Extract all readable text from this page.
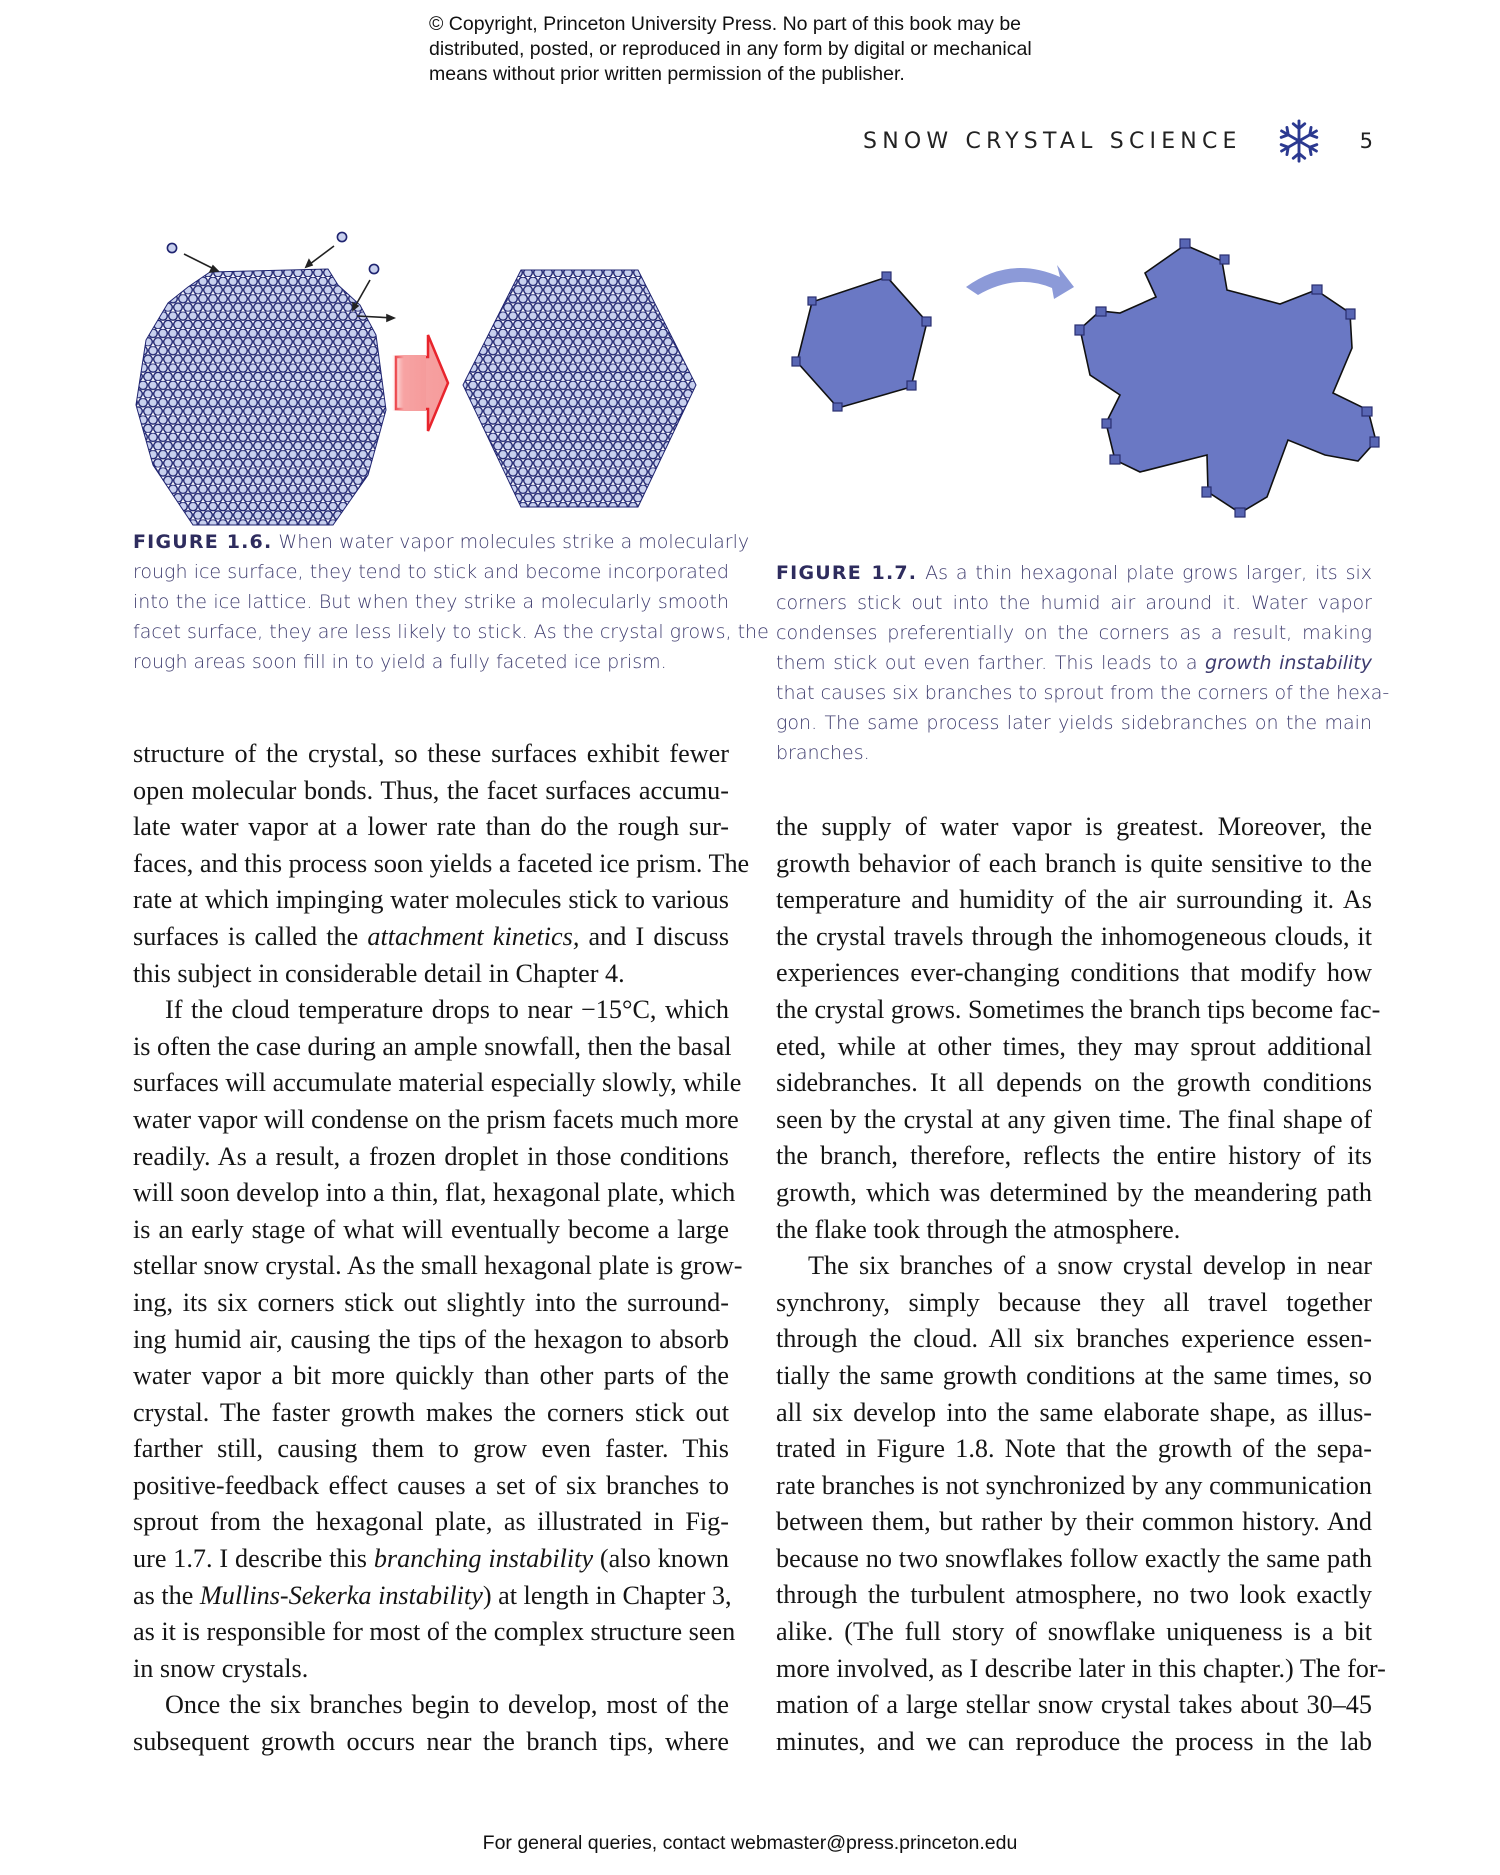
© Copyright, Princeton University Press. No part of this book may be
distributed, posted, or reproduced in any form by digital or mechanical
means without prior written permission of the publisher.
SNOW CRYSTAL SCIENCE	5
FIGURE 1.6. When water vapor molecules strike a molecularly
rough ice surface, they tend to stick and become incorporated
into the ice lattice. But when they strike a molecularly smooth
facet surface, they are less likely to stick. As the crystal grows, the
rough areas soon fill in to yield a fully faceted ice prism.
FIGURE 1.7. As a thin hexagonal plate grows larger, its six
corners stick out into the humid air around it. Water vapor
condenses preferentially on the corners as a result, making
them stick out even farther. This leads to a growth instability
that causes six branches to sprout from the corners of the hexa-
gon. The same process later yields sidebranches on the main
branches.
structure of the crystal, so these surfaces exhibit fewer
open molecular bonds. Thus, the facet surfaces accumu-
late water vapor at a lower rate than do the rough sur-
faces, and this process soon yields a faceted ice prism. The
rate at which impinging water molecules stick to various
surfaces is called the attachment kinetics, and I discuss
this subject in considerable detail in Chapter 4.
If the cloud temperature drops to near −15°C, which
is often the case during an ample snowfall, then the basal
surfaces will accumulate material especially slowly, while
water vapor will condense on the prism facets much more
readily. As a result, a frozen droplet in those conditions
will soon develop into a thin, flat, hexagonal plate, which
is an early stage of what will eventually become a large
stellar snow crystal. As the small hexagonal plate is grow-
ing, its six corners stick out slightly into the surround-
ing humid air, causing the tips of the hexagon to absorb
water vapor a bit more quickly than other parts of the
crystal. The faster growth makes the corners stick out
farther still, causing them to grow even faster. This
positive-feedback effect causes a set of six branches to
sprout from the hexagonal plate, as illustrated in Fig-
ure 1.7. I describe this branching instability (also known
as the Mullins-Sekerka instability) at length in Chapter 3,
as it is responsible for most of the complex structure seen
in snow crystals.
Once the six branches begin to develop, most of the
subsequent growth occurs near the branch tips, where
the supply of water vapor is greatest. Moreover, the
growth behavior of each branch is quite sensitive to the
temperature and humidity of the air surrounding it. As
the crystal travels through the inhomogeneous clouds, it
experiences ever-changing conditions that modify how
the crystal grows. Sometimes the branch tips become fac-
eted, while at other times, they may sprout additional
sidebranches. It all depends on the growth conditions
seen by the crystal at any given time. The final shape of
the branch, therefore, reflects the entire history of its
growth, which was determined by the meandering path
the flake took through the atmosphere.
The six branches of a snow crystal develop in near
synchrony, simply because they all travel together
through the cloud. All six branches experience essen-
tially the same growth conditions at the same times, so
all six develop into the same elaborate shape, as illus-
trated in Figure 1.8. Note that the growth of the sepa-
rate branches is not synchronized by any communication
between them, but rather by their common history. And
because no two snowflakes follow exactly the same path
through the turbulent atmosphere, no two look exactly
alike. (The full story of snowflake uniqueness is a bit
more involved, as I describe later in this chapter.) The for-
mation of a large stellar snow crystal takes about 30–45
minutes, and we can reproduce the process in the lab
For general queries, contact webmaster@press.princeton.edu
